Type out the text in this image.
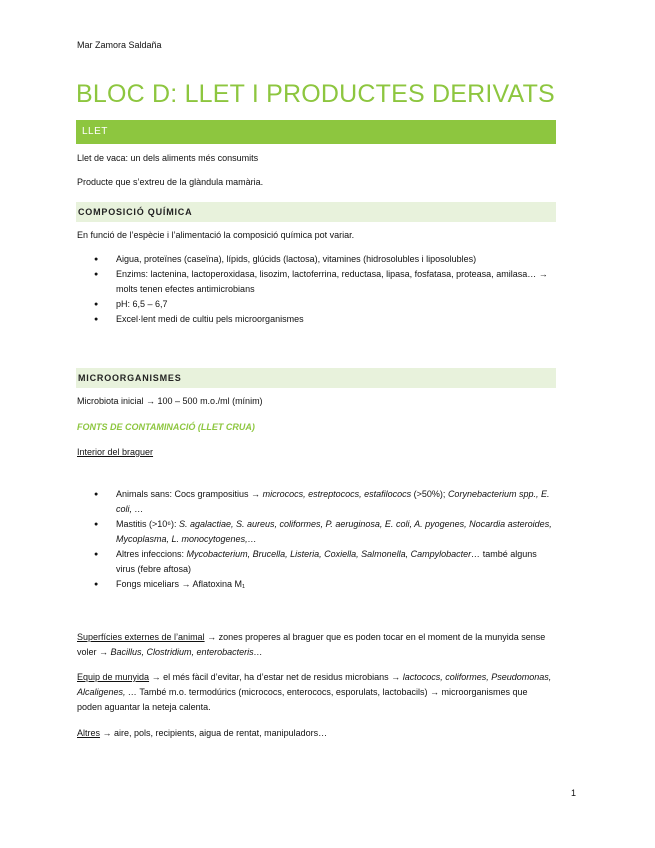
Mar Zamora Saldaña
BLOC D: LLET I PRODUCTES DERIVATS
LLET
Llet de vaca: un dels aliments més consumits
Producte que s’extreu de la glàndula mamària.
COMPOSICIÓ QUÍMICA
En funció de l’espècie i l’alimentació la composició química pot variar.
● Aigua, proteïnes (caseïna), lípids, glúcids (lactosa), vitamines (hidrosolubles i liposolubles)
● Enzims: lactenina, lactoperoxidasa, lisozim, lactoferrina, reductasa, lipasa, fosfatasa, proteasa, amilasa… → molts tenen efectes antimicrobians
● pH: 6,5 – 6,7
● Excel·lent medi de cultiu pels microorganismes
MICROORGANISMES
Microbiota inicial → 100 – 500 m.o./ml (mínim)
FONTS DE CONTAMINACIÓ (LLET CRUA)
Interior del braguer
● Animals sans: Cocs grampositius → micrococs, estreptococs, estafilococs (>50%); Corynebacterium spp., E. coli, …
● Mastitis (>10⁶): S. agalactiae, S. aureus, coliformes, P. aeruginosa, E. coli, A. pyogenes, Nocardia asteroides, Mycoplasma, L. monocytogenes,…
● Altres infeccions: Mycobacterium, Brucella, Listeria, Coxiella, Salmonella, Campylobacter… també alguns virus (febre aftosa)
● Fongs miceliars → Aflatoxina M₁
Superfícies externes de l’animal → zones properes al braguer que es poden tocar en el moment de la munyida sense voler → Bacillus, Clostridium, enterobacteris…
Equip de munyida → el més fàcil d’evitar, ha d’estar net de residus microbians → lactococs, coliformes, Pseudomonas, Alcaligenes, … També m.o. termodúrics (micrococs, enterococs, esporulats, lactobacils) → microorganismes que poden aguantar la neteja calenta.
Altres → aire, pols, recipients, aigua de rentat, manipuladors…
1
